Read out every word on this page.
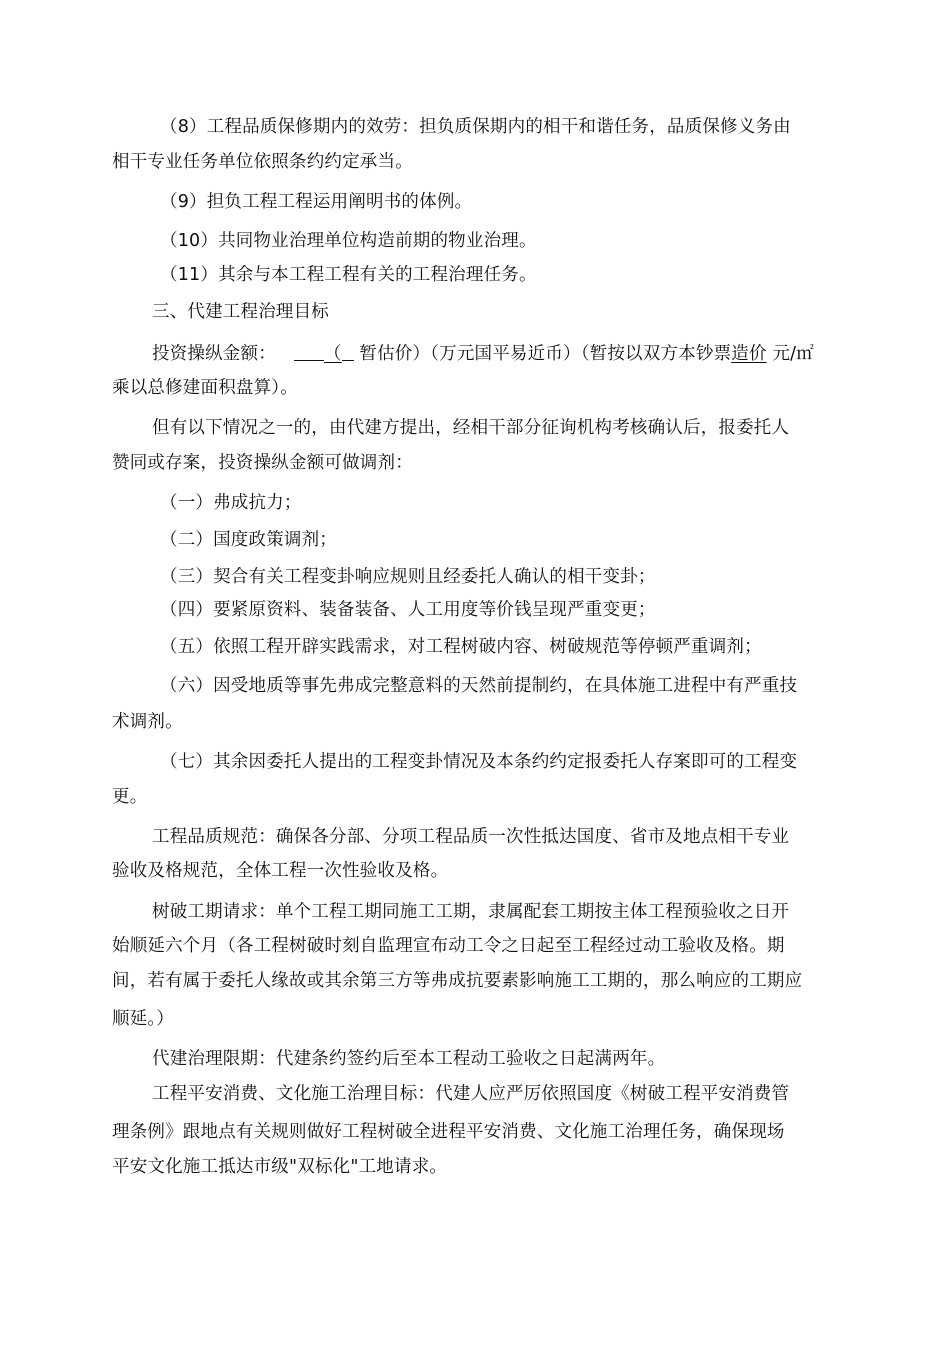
（8）工程品质保修期内的效劳：担负质保期内的相干和谐任务，品质保修义务由

相干专业任务单位依照条约约定承当。

（9）担负工程工程运用阐明书的体例。

（10）共同物业治理单位构造前期的物业治理。

（11）其余与本工程工程有关的工程治理任务。

三、代建工程治理目标

投资操纵金额：	（ 暂估价）（万元国平易近币）（暂按以双方本钞票造价 元/㎡

乘以总修建面积盘算）。

但有以下情况之一的，由代建方提出，经相干部分征询机构考核确认后，报委托人

赞同或存案，投资操纵金额可做调剂：

（一）弗成抗力；

（二）国度政策调剂；

（三）契合有关工程变卦响应规则且经委托人确认的相干变卦；

（四）要紧原资料、装备装备、人工用度等价钱呈现严重变更；

（五）依照工程开辟实践需求，对工程树破内容、树破规范等停顿严重调剂；

（六）因受地质等事先弗成完整意料的天然前提制约，在具体施工进程中有严重技

术调剂。

（七）其余因委托人提出的工程变卦情况及本条约约定报委托人存案即可的工程变

更。

工程品质规范：确保各分部、分项工程品质一次性抵达国度、省市及地点相干专业

验收及格规范，全体工程一次性验收及格。

树破工期请求：单个工程工期同施工工期，隶属配套工期按主体工程预验收之日开

始顺延六个月（各工程树破时刻自监理宣布动工令之日起至工程经过动工验收及格。期

间，若有属于委托人缘故或其余第三方等弗成抗要素影响施工工期的，那么响应的工期应

顺延。）

代建治理限期：代建条约签约后至本工程动工验收之日起满两年。

工程平安消费、文化施工治理目标：代建人应严厉依照国度《树破工程平安消费管

理条例》跟地点有关规则做好工程树破全进程平安消费、文化施工治理任务，确保现场

平安文化施工抵达市级"双标化"工地请求。
